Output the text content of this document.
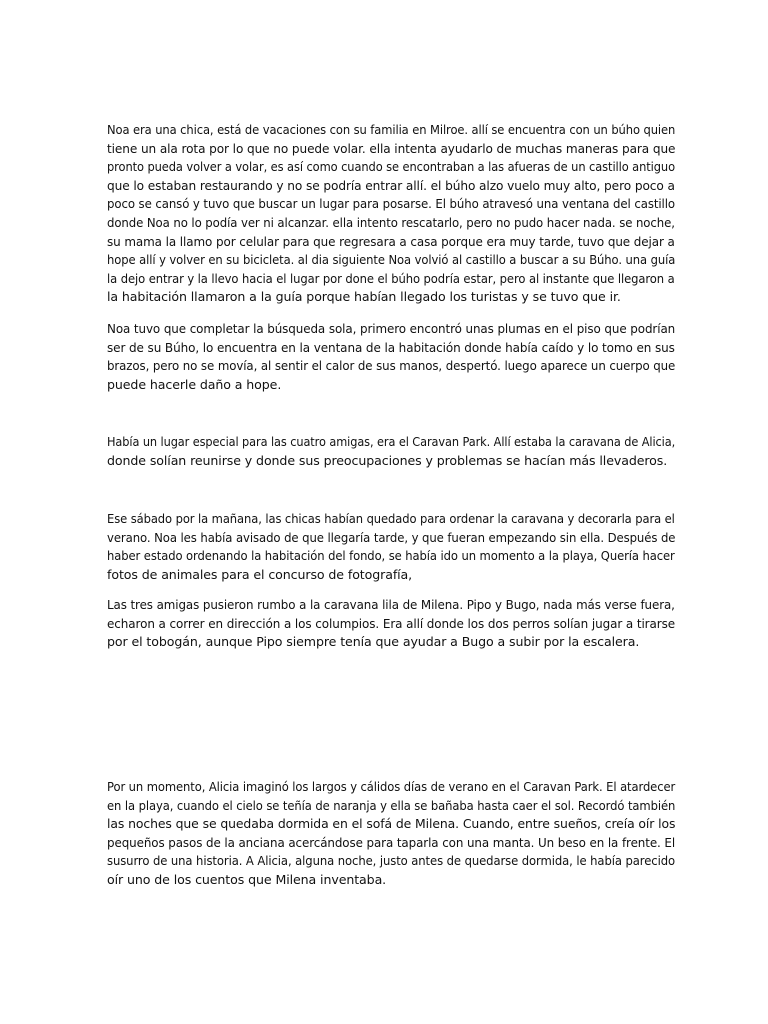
Noa era una chica, está de vacaciones con su familia en Milroe. allí se encuentra con un búho quien
tiene un ala rota por lo que no puede volar. ella intenta ayudarlo de muchas maneras para que
pronto pueda volver a volar, es así como cuando se encontraban a las afueras de un castillo antiguo
que lo estaban restaurando y no se podría entrar allí. el búho alzo vuelo muy alto, pero poco a
poco se cansó y tuvo que buscar un lugar para posarse. El búho atravesó una ventana del castillo
donde Noa no lo podía ver ni alcanzar. ella intento rescatarlo, pero no pudo hacer nada. se noche,
su mama la llamo por celular para que regresara a casa porque era muy tarde, tuvo que dejar a
hope allí y volver en su bicicleta. al dia siguiente Noa volvió al castillo a buscar a su Búho. una guía
la dejo entrar y la llevo hacia el lugar por done el búho podría estar, pero al instante que llegaron a
la habitación llamaron a la guía porque habían llegado los turistas y se tuvo que ir.

Noa tuvo que completar la búsqueda sola, primero encontró unas plumas en el piso que podrían
ser de su Búho, lo encuentra en la ventana de la habitación donde había caído y lo tomo en sus
brazos, pero no se movía, al sentir el calor de sus manos, despertó. luego aparece un cuerpo que
puede hacerle daño a hope.

Había un lugar especial para las cuatro amigas, era el Caravan Park. Allí estaba la caravana de Alicia,
donde solían reunirse y donde sus preocupaciones y problemas se hacían más llevaderos.

Ese sábado por la mañana, las chicas habían quedado para ordenar la caravana y decorarla para el
verano. Noa les había avisado de que llegaría tarde, y que fueran empezando sin ella. Después de
haber estado ordenando la habitación del fondo, se había ido un momento a la playa, Quería hacer
fotos de animales para el concurso de fotografía,

Las tres amigas pusieron rumbo a la caravana lila de Milena. Pipo y Bugo, nada más verse fuera,
echaron a correr en dirección a los columpios. Era allí donde los dos perros solían jugar a tirarse
por el tobogán, aunque Pipo siempre tenía que ayudar a Bugo a subir por la escalera.

Por un momento, Alicia imaginó los largos y cálidos días de verano en el Caravan Park. El atardecer
en la playa, cuando el cielo se teñía de naranja y ella se bañaba hasta caer el sol. Recordó también
las noches que se quedaba dormida en el sofá de Milena. Cuando, entre sueños, creía oír los
pequeños pasos de la anciana acercándose para taparla con una manta. Un beso en la frente. El
susurro de una historia. A Alicia, alguna noche, justo antes de quedarse dormida, le había parecido
oír uno de los cuentos que Milena inventaba.
